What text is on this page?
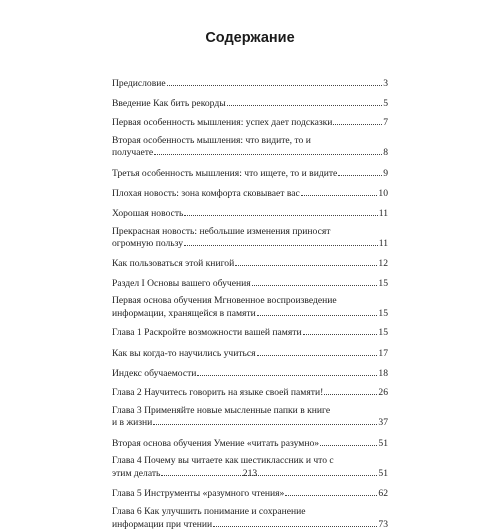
Содержание
Предисловие	3
Введение Как бить рекорды	5
Первая особенность мышления: успех дает подсказки	7
Вторая особенность мышления: что видите, то и
получаете	8
Третья особенность мышления: что ищете, то и видите	9
Плохая новость: зона комфорта сковывает вас	10
Хорошая новость	11
Прекрасная новость: небольшие изменения приносят
огромную пользу	11
Как пользоваться этой книгой	12
Раздел I Основы вашего обучения	15
Первая основа обучения Мгновенное воспроизведение
информации, хранящейся в памяти	15
Глава 1 Раскройте возможности вашей памяти	15
Как вы когда-то научились учиться	17
Индекс обучаемости	18
Глава 2 Научитесь говорить на языке своей памяти!	26
Глава 3 Применяйте новые мысленные папки в книге
и в жизни	37
Вторая основа обучения Умение «читать разумно»	51
Глава 4 Почему вы читаете как шестиклассник и что с
этим делать	51
Глава 5 Инструменты «разумного чтения»	62
Глава 6 Как улучшить понимание и сохранение
информации при чтении	73
213
